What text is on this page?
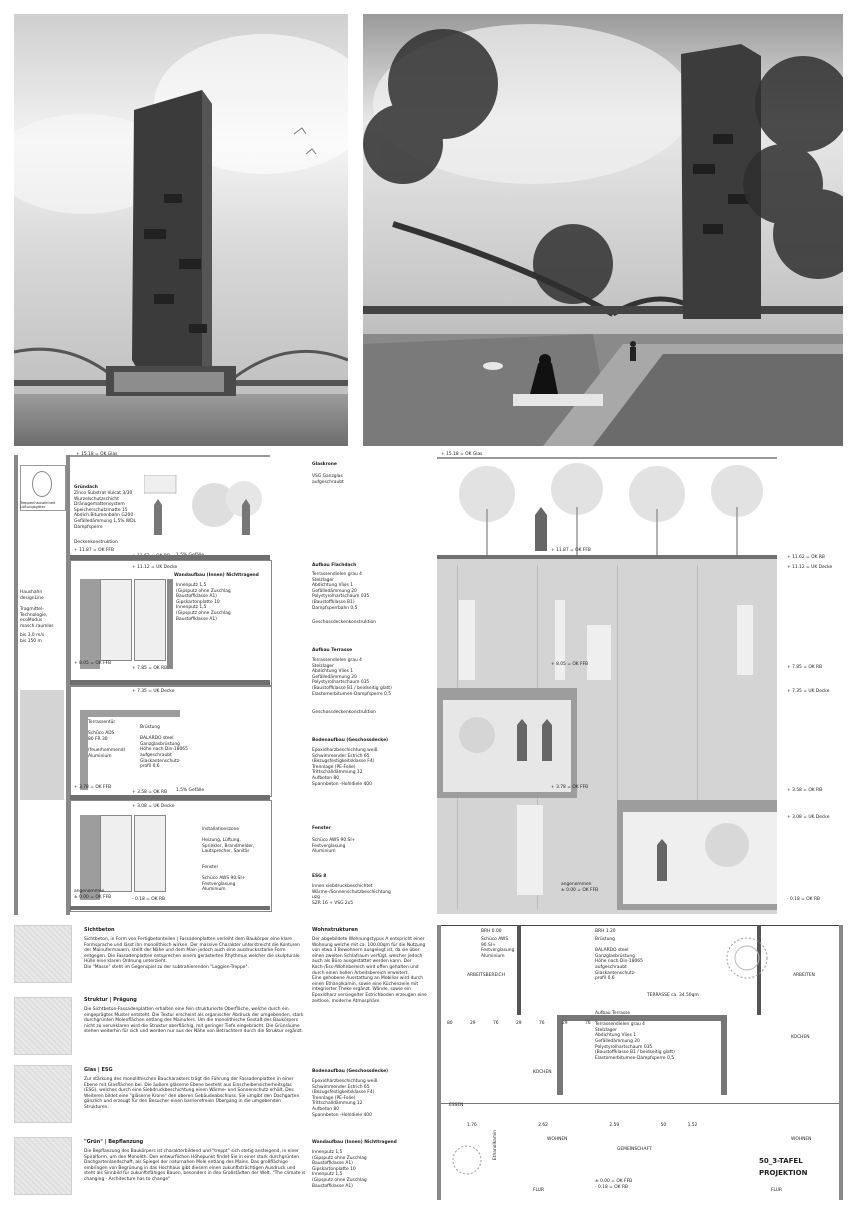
+ 15.18 = OK Glas
Treppenhauseinheit
Lüftungsgitter
Gründach
Zinco Substrat Vulcat 3/30
Wurzelschutzschicht
Dränagemattensystem
Speicherschutzmatte 15
Abdich.Bitumenbahn G200
Gefälledämmung 1,5% WDL
Dampfsperre
Deckenkonstruktion
+ 11.87 = OK FFB
+ 11.12 = UK Decke
Haushahn
designLine
Tragmittel-
Technologie,
ecoModus
masch.raumlos
bis 3,0 m/s
bis 150 m
Wandaufbau (Innen) Nichttragend
Innenputz 1,5
(Gipsputz ohne Zuschlag
Baustoffklasse A1)
Gipskartonplatte 10
Innenputz 1,5
(Gipsputz ohne Zuschlag
Baustoffklasse A1)
+ 8.05 = OK FFB
+ 7.85 = OK RB
+ 7.35 = UK Decke
Terrassentür

Schüco ADS
80 FR 30

(feuerhemmend)
Aluminium
Brüstung

BALARDO steel
Ganzglasbrüstung
Höhe nach Din-18065
aufgeschraubt
Glaskantenschutz-
profil 0,6
+ 3.78 = OK FFB
+ 3.58 = OK RB 1,5% Gefälle
+ 3.08 = UK Decke
Installationszone

Heizung, Lüftung,
Sprinkler, Brandmelder,
Lautsprecher, Sanitär
Fenster

Schüco AWS 90.SI+
Festverglasung
Aluminium
angenommen
± 0.00 = OK FFB	- 0.18 = OK RB
Glaskrone
VSG Ganzglas
aufgeschraubt
Aufbau Flachdach
Terrassendielen grau 4
Stelzlager
Abdichtung Vlies 1
Gefälledämmung 20
Polystyrolhartschaum 035
(Baustoffklasse B1)
Dampfsperrbahn 0,5
Geschossdeckenkonstruktion
Aufbau Terrasse
Terrassendielen grau 4
Stelzlager
Abdichtung Vlies 1
Gefälledämmung 20
Polystyrolhartschaum 035
(Baustoffklasse B1 / beidseitig glatt)
Elastomerbitumen-Dampfsperre 0,5
Geschossdeckenkonstruktion
Bodenaufbau (Geschossdecke)
Epoxidharzbeschichtung weiß
Schwimmender Estrich 65
(Bezugsfestigkeitsklasse F4)
Trennlage (PE-Folie)
Trittschalldämmung 12
Aufbeton 80
Spannbeton -Hohldiele 400
Fenster
Schüco AWS 90.SI+
Festverglasung
Aluminium
ESG 8
Innen siebdruckbeschichtet
Wärme-/Sonnenschutzbeschichtung
uzg
SZR 16 + VSG 2x5
+ 15.18 = OK Glas
+ 11.87 = OK FFB
+ 11.62 = OK RB
+ 11.12 = UK Decke
+ 8.05 = OK FFB
+ 7.85 = OK RB
+ 7.35 = UK Decke
+ 3.78 = OK FFB
+ 3.58 = OK RB
+ 3.08 = UK Decke
angenommen
± 0.00 = OK FFB
- 0.18 = OK RB
Sichtbeton
Sichtbeton, in Form von Fertigbetonteilen | Fassadenplatten verleiht dem Baukörper eine klare Formsprache und lässt ihn monolithisch wirken. Der massive Charakter unterstreicht die Konturen der Mainufermauern, stellt der Nähe und dem Main jedoch auch eine ausdrucksstarke Form entgegen. Die Fassadenplatten entsprechen einem gerasterten Rhythmus welcher die skulpturale Hülle eine klaren Ordnung unterzieht.
Die "Masse" steht im Gegenspiel zu der subtrahierenden "Loggien-Treppe".
Struktur | Prägung
Die Sichtbeton-Fassadenplatten erhalten eine fein strukturierte Oberfläche, welche durch ein eingeprägtes Muster entsteht. Die Textur erscheint als organischer Abdruck der umgebenden, stark durchgrünten Molenflächen entlang des Mainufers. Um die monolithische Gestalt des Baukörpers nicht zu verunklaren wird die Struktur oberflächig, mit geringer Tiefe eingebracht. Die Grünräume stehen weiterhin für sich und werden nur aus der Nähe von Betrachtern durch die Struktur ergänzt.
Glas | ESG
Zur stärkung des monolithischen Baucharakters trägt die Führung der Fassadenplatten in einer Ebene mit Glasflächen bei. Die äußere gläserne Ebene besteht aus Einscheibensicherheitsglas (ESG), welches durch eine Siebdruckbeschichtung einen Wärme- und Sonnenschutz erhält. Des Weiteren bildet eine "gläserne Krone" den oberen Gebäudeabschluss. Sie umgibt den Dachgarten gänzlich und erzeugt für den Besucher einen barrierefreien Übergang in die umgebenden Strukturen.
"Grün" | Bepflanzung
Die Bepflanzung des Baukörpers ist charakterbildend und "treppt" sich stetig ansteigend, in einer Spiralform, um den Monolith. Den entwurflichen Höhepunkt findet Sie in einer stark durchgrünten Dachgartenlandschaft, als Spiegel der naturnahen Mole entlang des Mains. Das großflächige einbringen von Begrünung in das Hochhaus gibt diesem einen zukunftsträchtigen Ausdruck und steht als Sinnbild für zukunftsfähiges Bauen, besonders in den Großstädten der Welt. "The climate is changing - Architecture has to change"
Wohnstrukturen
Der abgebildete Wohnungstypus A entspricht einer Wohnung welche mit ca. 100.00qm für die Nutzung von etwa 3 Bewohnern ausgelegt ist, da sie über einen zweiten Schlafraum verfügt, welcher jedoch auch als Büro ausgestattet werden kann. Der Koch-/Ess-/Wohnbereich wird offen gehalten und durch einen hellen Arbeitsbereich erweitert.
Eine gehobene Ausstattung an Mobiliar wird durch einen Ethanolkamin, sowie eine Küchenzeile mit integrierter Theke ergänzt. Wände, sowie ein Epoxidharz versiegelter Estrichboden erzeugen eine zeitlose, moderne Atmosphäre.
Bodenaufbau (Geschossdecke)
Epoxidharzbeschichtung weiß
Schwimmender Estrich 65
(Bezugsfestigkeitsklasse F4)
Trennlage (PE-Folie)
Trittschalldämmung 12
Aufbeton 80
Spannbeton -Hohldiele 400
Wandaufbau (Innen) Nichttragend
Innenputz 1,5
(Gipsputz ohne Zuschlag
Baustoffklasse A1)
Gipskartonplatte 10
Innenputz 1,5
(Gipsputz ohne Zuschlag
Baustoffklasse A1)
BRH 0.00
Schüco AWS
90.SI+
Festverglasung
Aluminium
BRH 1.20
Brüstung

BALARDO steel
Ganzglasbrüstung
Höhe nach Din-18065
aufgeschraubt
Glaskantenschutz-
profil 0,6
ARBEITSBEREICH	ARBEITEN
TERRASSE ca. 34.50qm
Aufbau Terrasse

Terrassendielen grau 4
Stelzlager
Abdichtung Vlies 1
Gefälledämmung 20
Polystyrolhartschaum 035
(Baustoffklasse B1 / beidseitig glatt)
Elastomerbitumen-Dampfsperre 0,5
80	29	76	29	76	29	76
KOCHEN
KOCHEN
ESSEN
1.76	2.62	2.59	50	1.52
WOHNEN	WOHNEN
GEMEINSCHAFT
Ethanolkamin
FLUR	FLUR
± 0.00 = OK FFB
- 0.18 = OK RB
50_3-TAFEL
PROJEKTION
